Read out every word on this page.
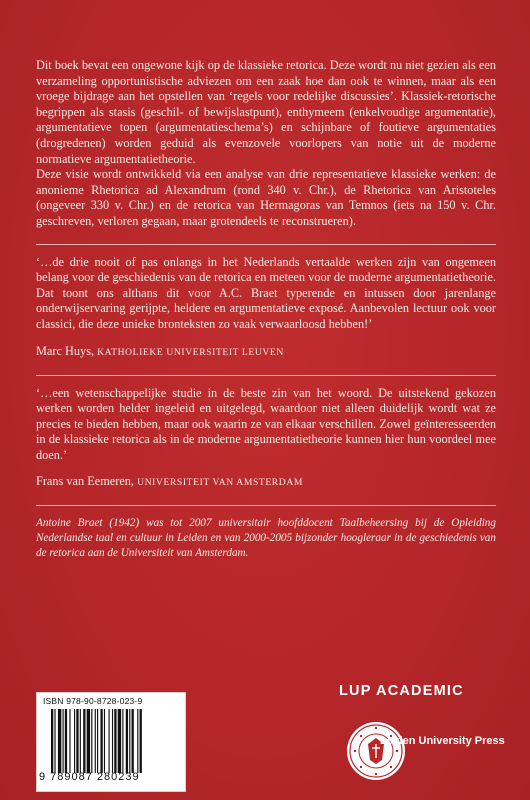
Dit boek bevat een ongewone kijk op de klassieke retorica. Deze wordt nu niet gezien als een verzameling opportunistische adviezen om een zaak hoe dan ook te winnen, maar als een vroege bijdrage aan het opstellen van ‘regels voor redelijke discussies’. Klassiek-retorische begrippen als stasis (geschil- of bewijslastpunt), enthymeem (enkelvoudige argumentatie), argumentatieve topen (argumentatieschema’s) en schijnbare of foutieve argumentaties (drogredenen) worden geduid als evenzovele voorlopers van notie uit de moderne normatieve argumentatietheorie.

Deze visie wordt ontwikkeld via een analyse van drie representatieve klassieke werken: de anonieme Rhetorica ad Alexandrum (rond 340 v. Chr.), de Rhetorica van Aristoteles (ongeveer 330 v. Chr.) en de retorica van Hermagoras van Temnos (iets na 150 v. Chr. geschreven, verloren gegaan, maar grotendeels te reconstrueren).

‘…de drie nooit of pas onlangs in het Nederlands vertaalde werken zijn van ongemeen belang voor de geschiedenis van de retorica en meteen voor de moderne argumentatietheorie. Dat toont ons althans dit voor A.C. Braet typerende en intussen door jarenlange onderwijservaring gerijpte, heldere en argumentatieve exposé. Aanbevolen lectuur ook voor classici, die deze unieke bronteksten zo vaak verwaarloosd hebben!’

Marc Huys, KATHOLIEKE UNIVERSITEIT LEUVEN

‘…een wetenschappelijke studie in de beste zin van het woord. De uitstekend gekozen werken worden helder ingeleid en uitgelegd, waardoor niet alleen duidelijk wordt wat ze precies te bieden hebben, maar ook waarin ze van elkaar verschillen. Zowel geïnteresseerden in de klassieke retorica als in de moderne argumentatietheorie kunnen hier hun voordeel mee doen.’

Frans van Eemeren, UNIVERSITEIT VAN AMSTERDAM

Antoine Braet (1942) was tot 2007 universitair hoofddocent Taalbeheersing bij de Opleiding Nederlandse taal en cultuur in Leiden en van 2000-2005 bijzonder hoogleraar in de geschiedenis van de retorica aan de Universiteit van Amsterdam.

ISBN 978-90-8728-023-9
9 789087 280239
LUP ACADEMIC
Leiden University Press
